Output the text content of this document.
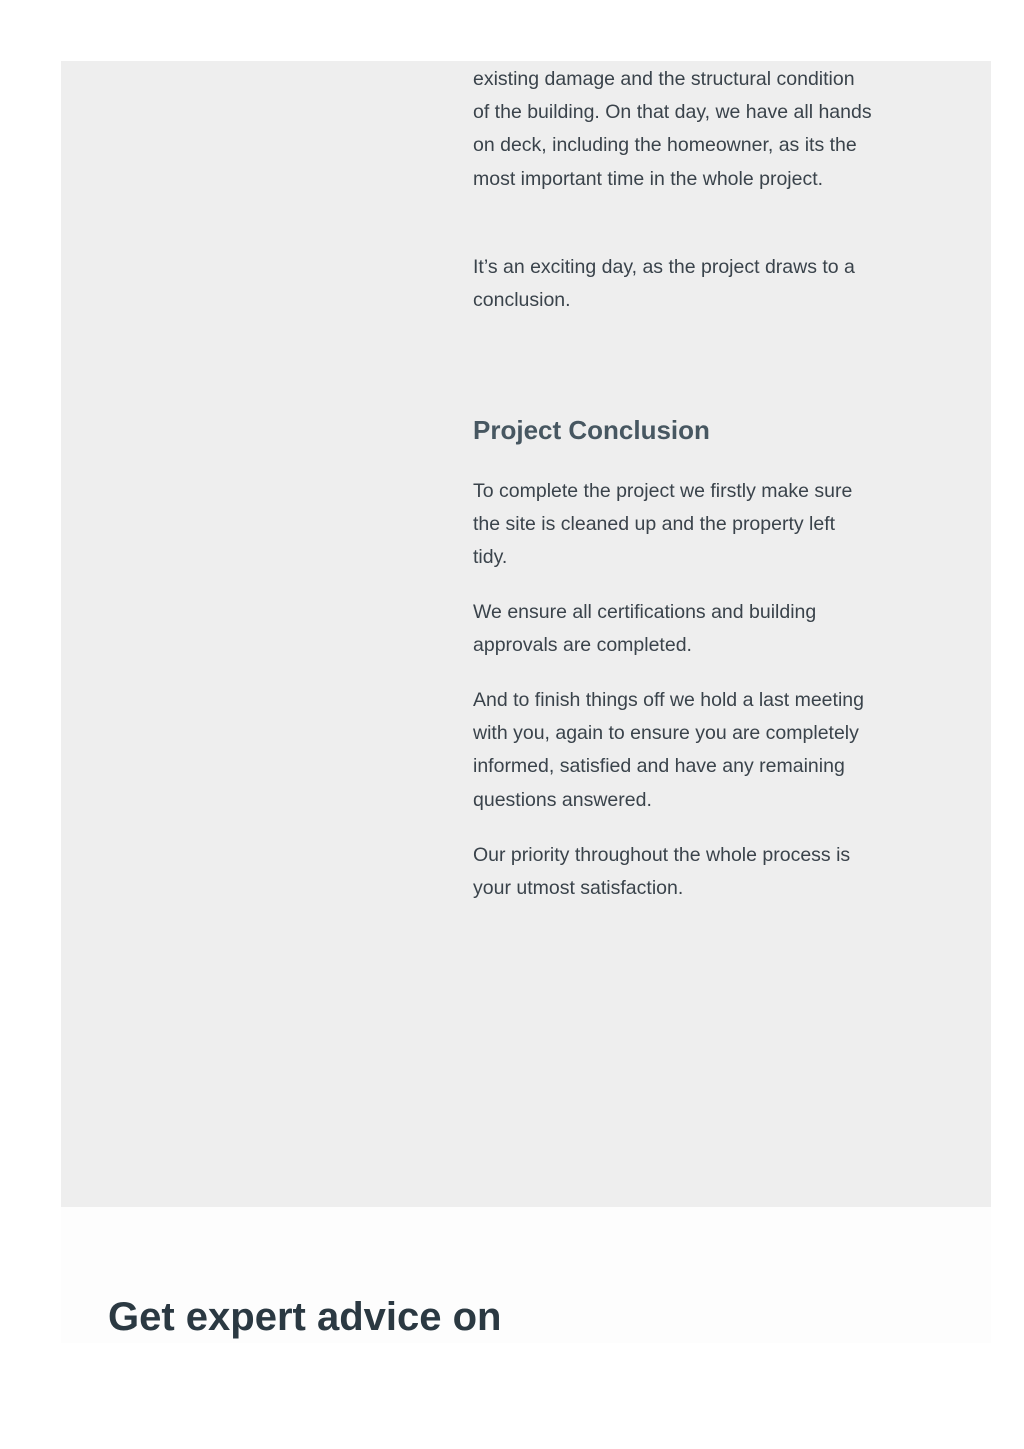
existing damage and the structural condition of the building. On that day, we have all hands on deck, including the homeowner, as its the most important time in the whole project.

It’s an exciting day, as the project draws to a conclusion.

Project Conclusion

To complete the project we firstly make sure the site is cleaned up and the property left tidy.

We ensure all certifications and building approvals are completed.

And to finish things off we hold a last meeting with you, again to ensure you are completely informed, satisfied and have any remaining questions answered.

Our priority throughout the whole process is your utmost satisfaction.

Get expert advice on
